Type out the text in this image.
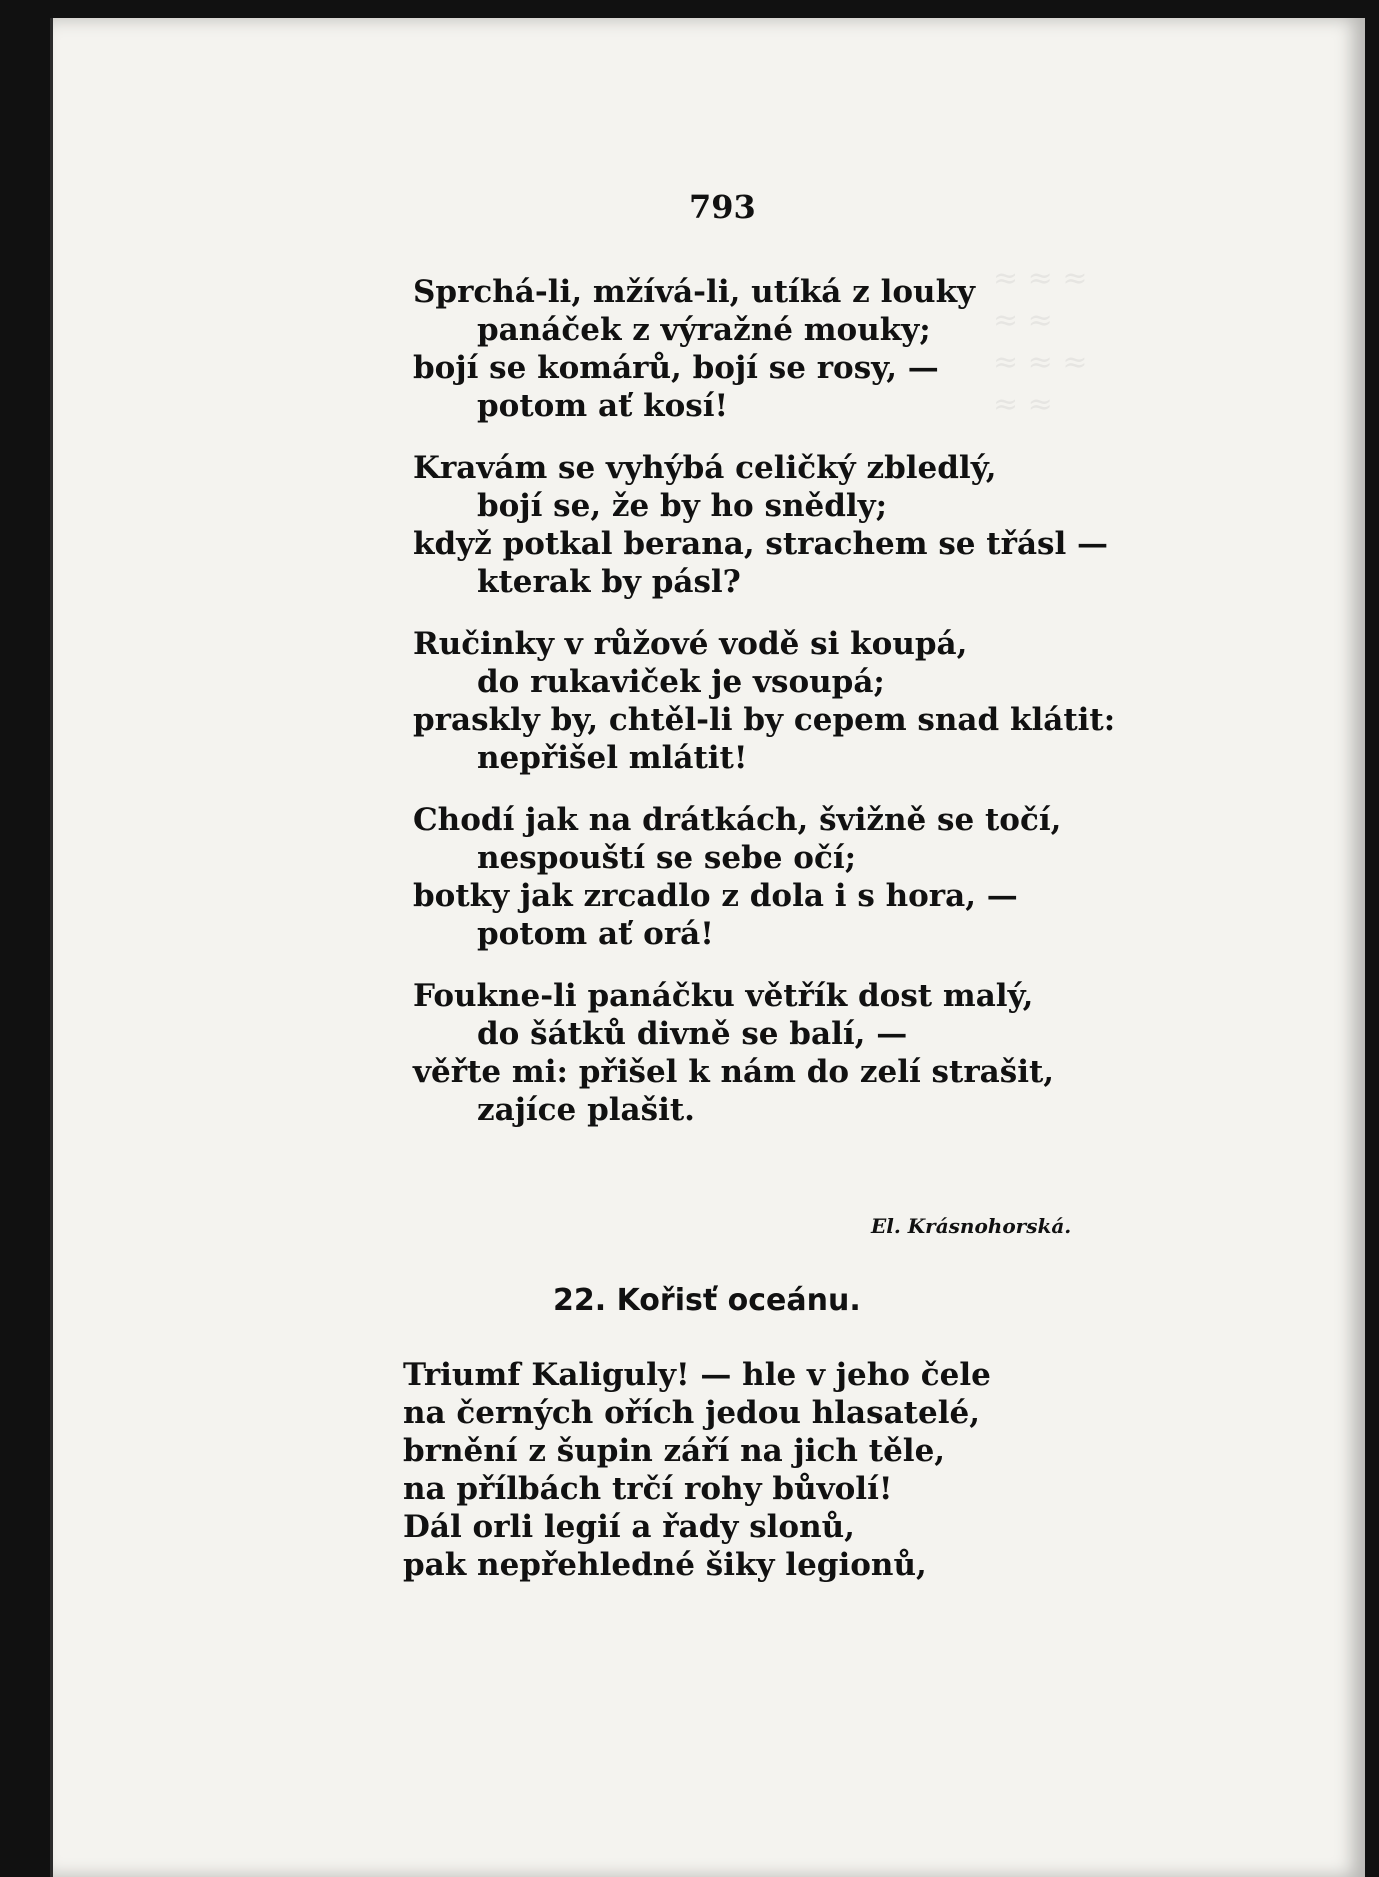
≈ ≈ ≈
≈ ≈
≈ ≈ ≈
≈ ≈
793
Sprchá-li, mžívá-li, utíká z louky
panáček z výražné mouky;
bojí se komárů, bojí se rosy, —
potom ať kosí!
Kravám se vyhýbá celičký zbledlý,
bojí se, že by ho snědly;
když potkal berana, strachem se třásl —
kterak by pásl?
Ručinky v růžové vodě si koupá,
do rukaviček je vsoupá;
praskly by, chtěl-li by cepem snad klátit:
nepřišel mlátit!
Chodí jak na drátkách, švižně se točí,
nespouští se sebe očí;
botky jak zrcadlo z dola i s hora, —
potom ať orá!
Foukne-li panáčku větřík dost malý,
do šátků divně se balí, —
věřte mi: přišel k nám do zelí strašit,
zajíce plašit.
El. Krásnohorská.
22. Kořisť oceánu.
Triumf Kaliguly! — hle v jeho čele
na černých ořích jedou hlasatelé,
brnění z šupin září na jich těle,
na přílbách trčí rohy bůvolí!
Dál orli legií a řady slonů,
pak nepřehledné šiky legionů,
